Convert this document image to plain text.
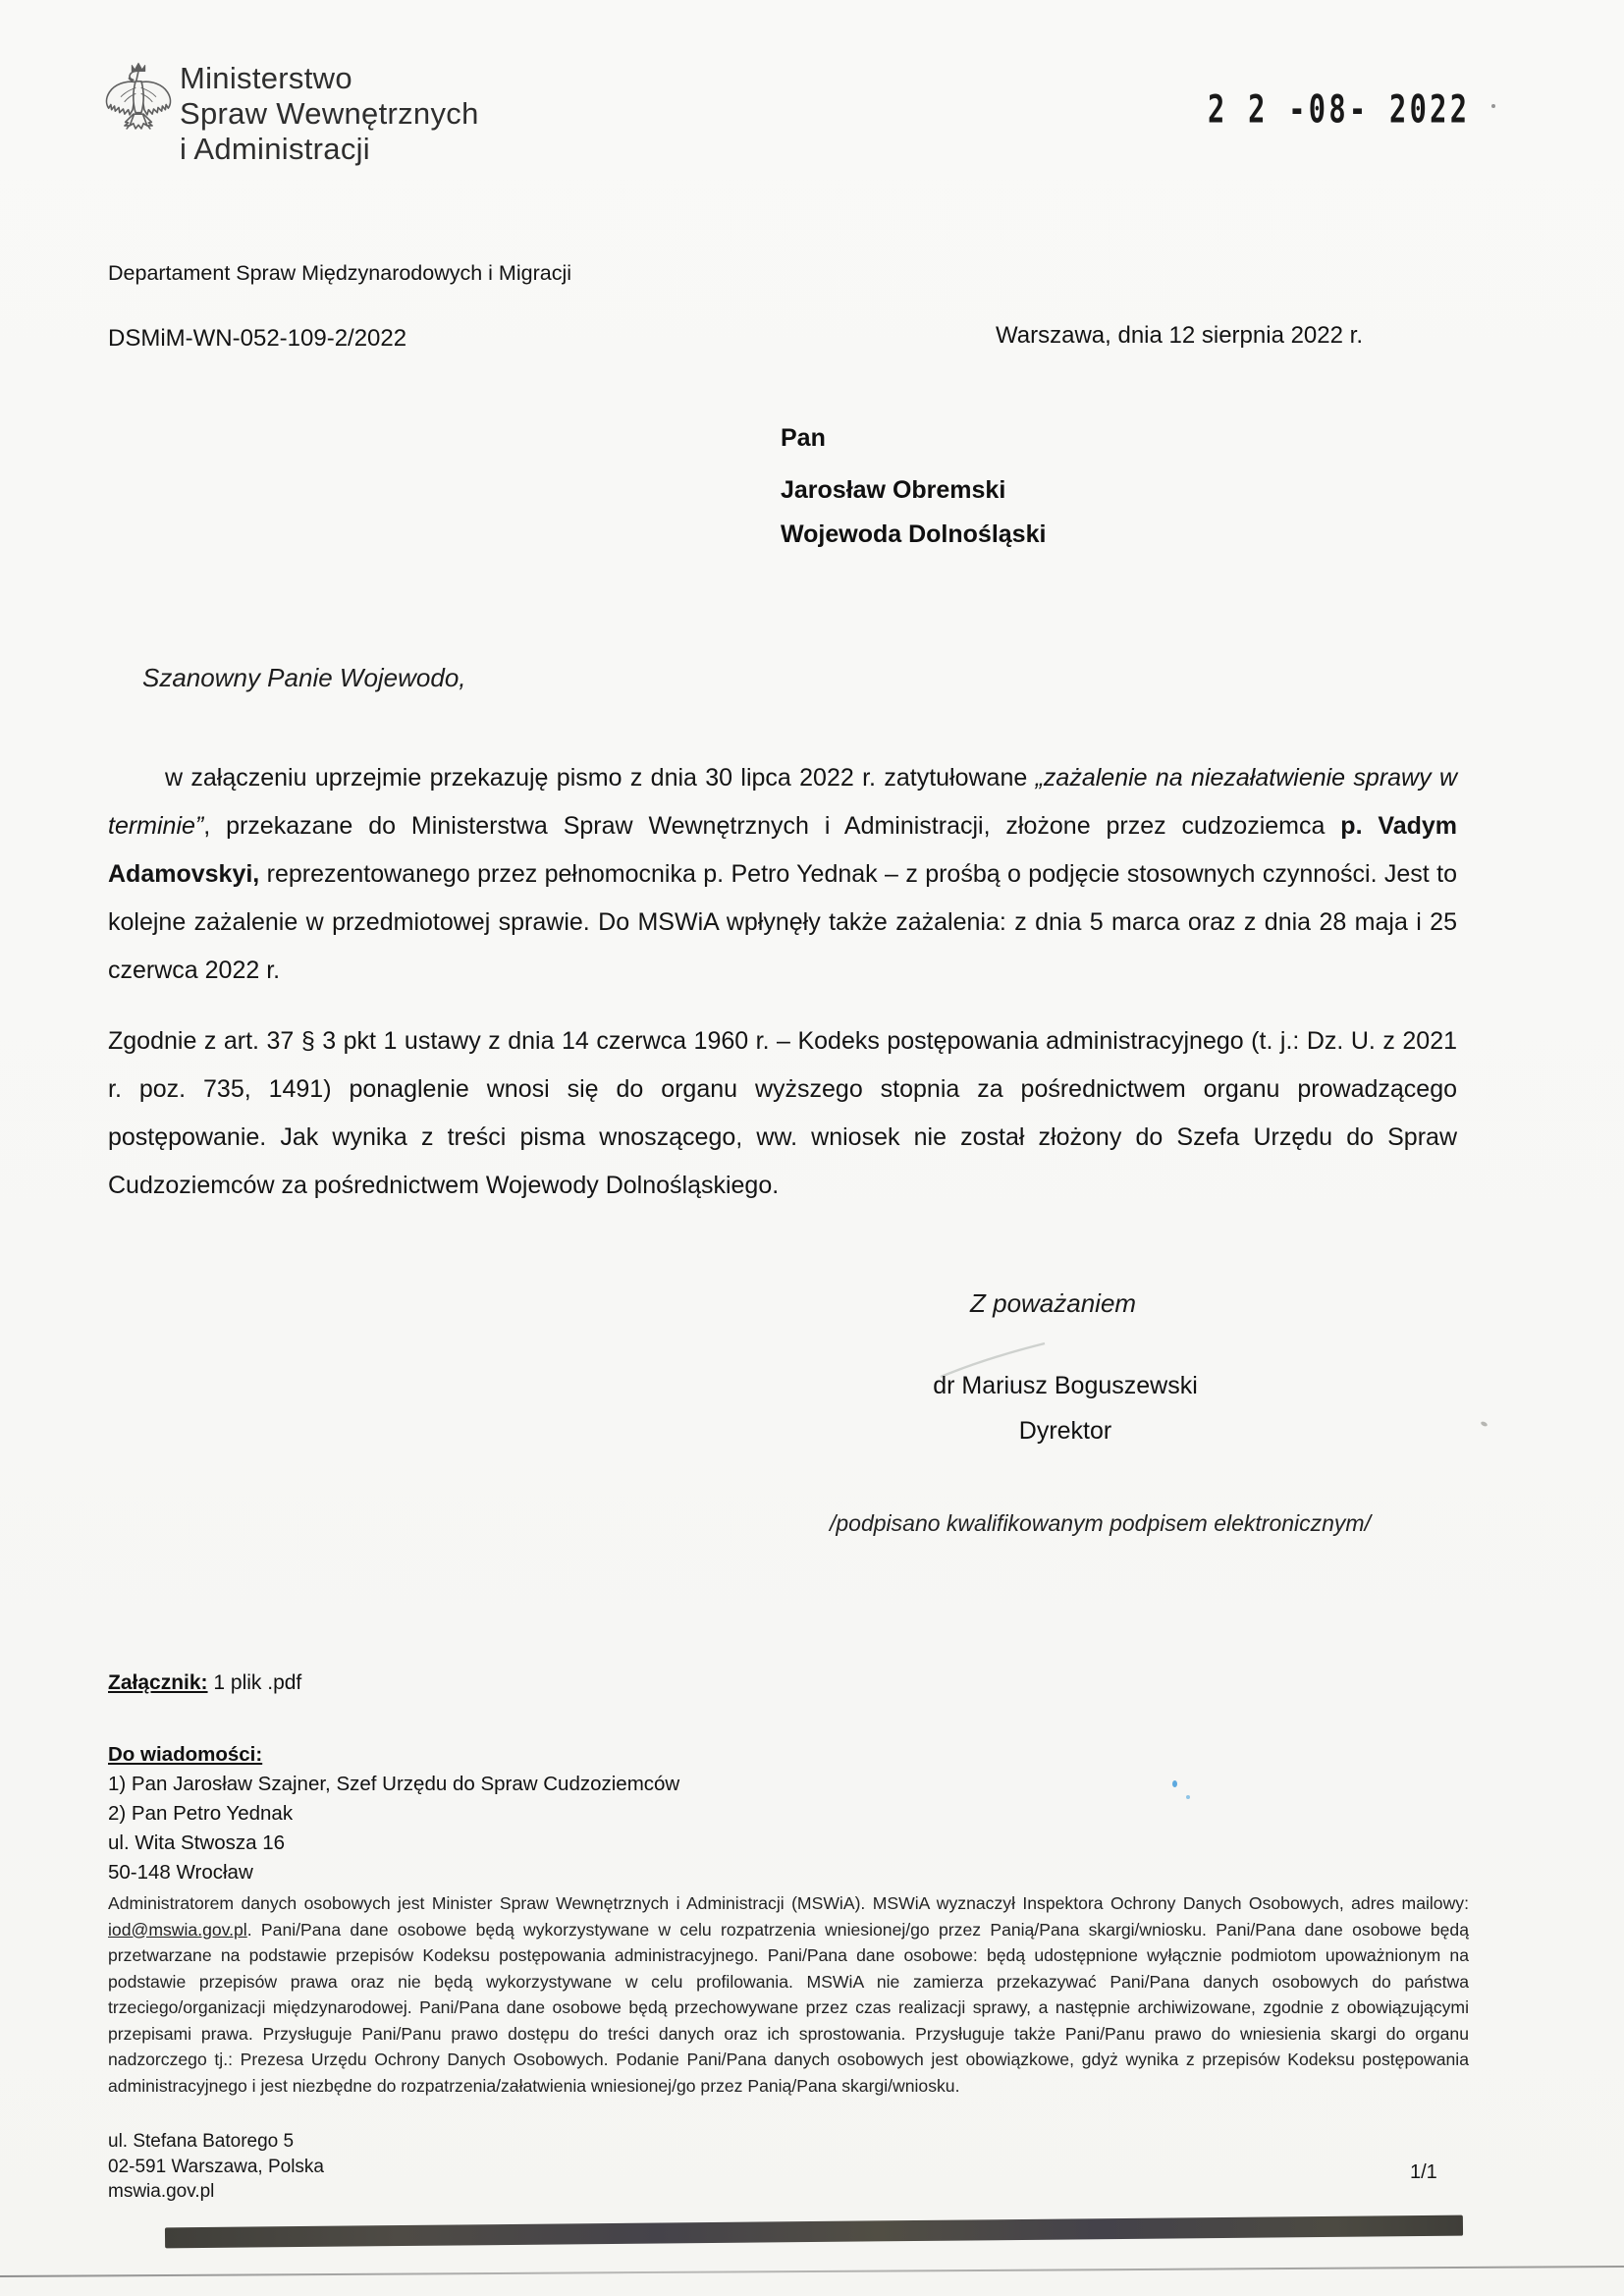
Ministerstwo
Spraw Wewnętrznych
i Administracji
2 2 -08- 2022
Departament Spraw Międzynarodowych i Migracji
DSMiM-WN-052-109-2/2022	Warszawa, dnia 12 sierpnia 2022 r.
Pan
Jarosław Obremski
Wojewoda Dolnośląski
Szanowny Panie Wojewodo,

w załączeniu uprzejmie przekazuję pismo z dnia 30 lipca 2022 r. zatytułowane „zażalenie na niezałatwienie sprawy w terminie”, przekazane do Ministerstwa Spraw Wewnętrznych i Administracji, złożone przez cudzoziemca p. Vadym Adamovskyi, reprezentowanego przez pełnomocnika p. Petro Yednak – z prośbą o podjęcie stosownych czynności. Jest to kolejne zażalenie w przedmiotowej sprawie. Do MSWiA wpłynęły także zażalenia: z dnia 5 marca oraz z dnia 28 maja i 25 czerwca 2022 r.

Zgodnie z art. 37 § 3 pkt 1 ustawy z dnia 14 czerwca 1960 r. – Kodeks postępowania administracyjnego (t. j.: Dz. U. z 2021 r. poz. 735, 1491) ponaglenie wnosi się do organu wyższego stopnia za pośrednictwem organu prowadzącego postępowanie. Jak wynika z treści pisma wnoszącego, ww. wniosek nie został złożony do Szefa Urzędu do Spraw Cudzoziemców za pośrednictwem Wojewody Dolnośląskiego.

Z poważaniem
dr Mariusz Boguszewski
Dyrektor
/podpisano kwalifikowanym podpisem elektronicznym/
Załącznik: 1 plik .pdf
Do wiadomości:
1) Pan Jarosław Szajner, Szef Urzędu do Spraw Cudzoziemców
2) Pan Petro Yednak
ul. Wita Stwosza 16
50-148 Wrocław
Administratorem danych osobowych jest Minister Spraw Wewnętrznych i Administracji (MSWiA). MSWiA wyznaczył Inspektora Ochrony Danych Osobowych, adres mailowy: iod@mswia.gov.pl. Pani/Pana dane osobowe będą wykorzystywane w celu rozpatrzenia wniesionej/go przez Panią/Pana skargi/wniosku. Pani/Pana dane osobowe będą przetwarzane na podstawie przepisów Kodeksu postępowania administracyjnego. Pani/Pana dane osobowe: będą udostępnione wyłącznie podmiotom upoważnionym na podstawie przepisów prawa oraz nie będą wykorzystywane w celu profilowania. MSWiA nie zamierza przekazywać Pani/Pana danych osobowych do państwa trzeciego/organizacji międzynarodowej. Pani/Pana dane osobowe będą przechowywane przez czas realizacji sprawy, a następnie archiwizowane, zgodnie z obowiązującymi przepisami prawa. Przysługuje Pani/Panu prawo dostępu do treści danych oraz ich sprostowania. Przysługuje także Pani/Panu prawo do wniesienia skargi do organu nadzorczego tj.: Prezesa Urzędu Ochrony Danych Osobowych. Podanie Pani/Pana danych osobowych jest obowiązkowe, gdyż wynika z przepisów Kodeksu postępowania administracyjnego i jest niezbędne do rozpatrzenia/załatwienia wniesionej/go przez Panią/Pana skargi/wniosku.
ul. Stefana Batorego 5
02-591 Warszawa, Polska
mswia.gov.pl
1/1
